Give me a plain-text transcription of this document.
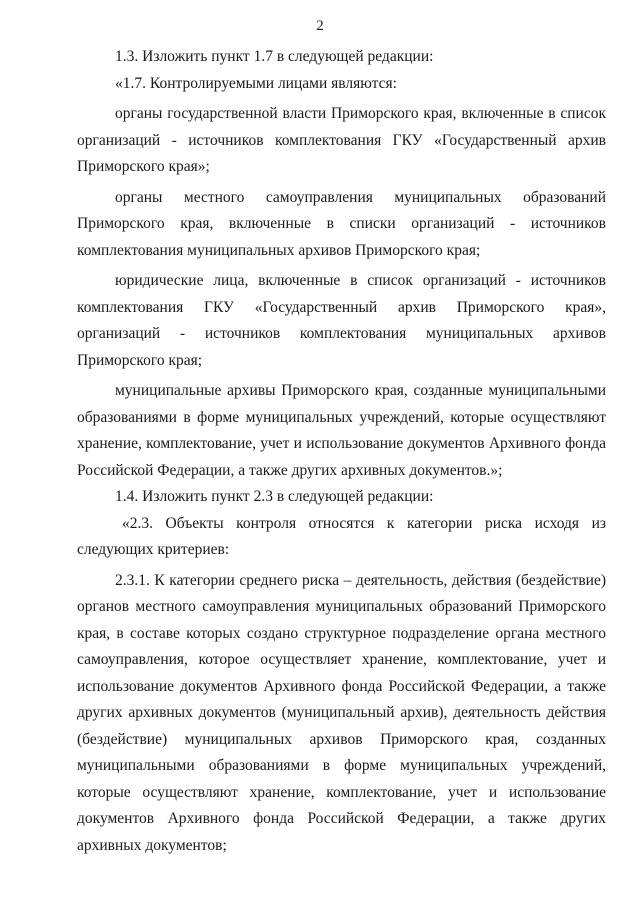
2

1.3. Изложить пункт 1.7 в следующей редакции:

«1.7. Контролируемыми лицами являются:

органы государственной власти Приморского края, включенные в список организаций - источников комплектования ГКУ «Государственный архив Приморского края»;

органы местного самоуправления муниципальных образований Приморского края, включенные в списки организаций - источников комплектования муниципальных архивов Приморского края;

юридические лица, включенные в список организаций - источников комплектования ГКУ «Государственный архив Приморского края», организаций - источников комплектования муниципальных архивов Приморского края;

муниципальные архивы Приморского края, созданные муниципальными образованиями в форме муниципальных учреждений, которые осуществляют хранение, комплектование, учет и использование документов Архивного фонда Российской Федерации, а также других архивных документов.»;

1.4. Изложить пункт 2.3 в следующей редакции:

«2.3. Объекты контроля относятся к категории риска исходя из следующих критериев:

2.3.1. К категории среднего риска – деятельность, действия (бездействие) органов местного самоуправления муниципальных образований Приморского края, в составе которых создано структурное подразделение органа местного самоуправления, которое осуществляет хранение, комплектование, учет и использование документов Архивного фонда Российской Федерации, а также других архивных документов (муниципальный архив), деятельность действия (бездействие) муниципальных архивов Приморского края, созданных муниципальными образованиями в форме муниципальных учреждений, которые осуществляют хранение, комплектование, учет и использование документов Архивного фонда Российской Федерации, а также других архивных документов;
